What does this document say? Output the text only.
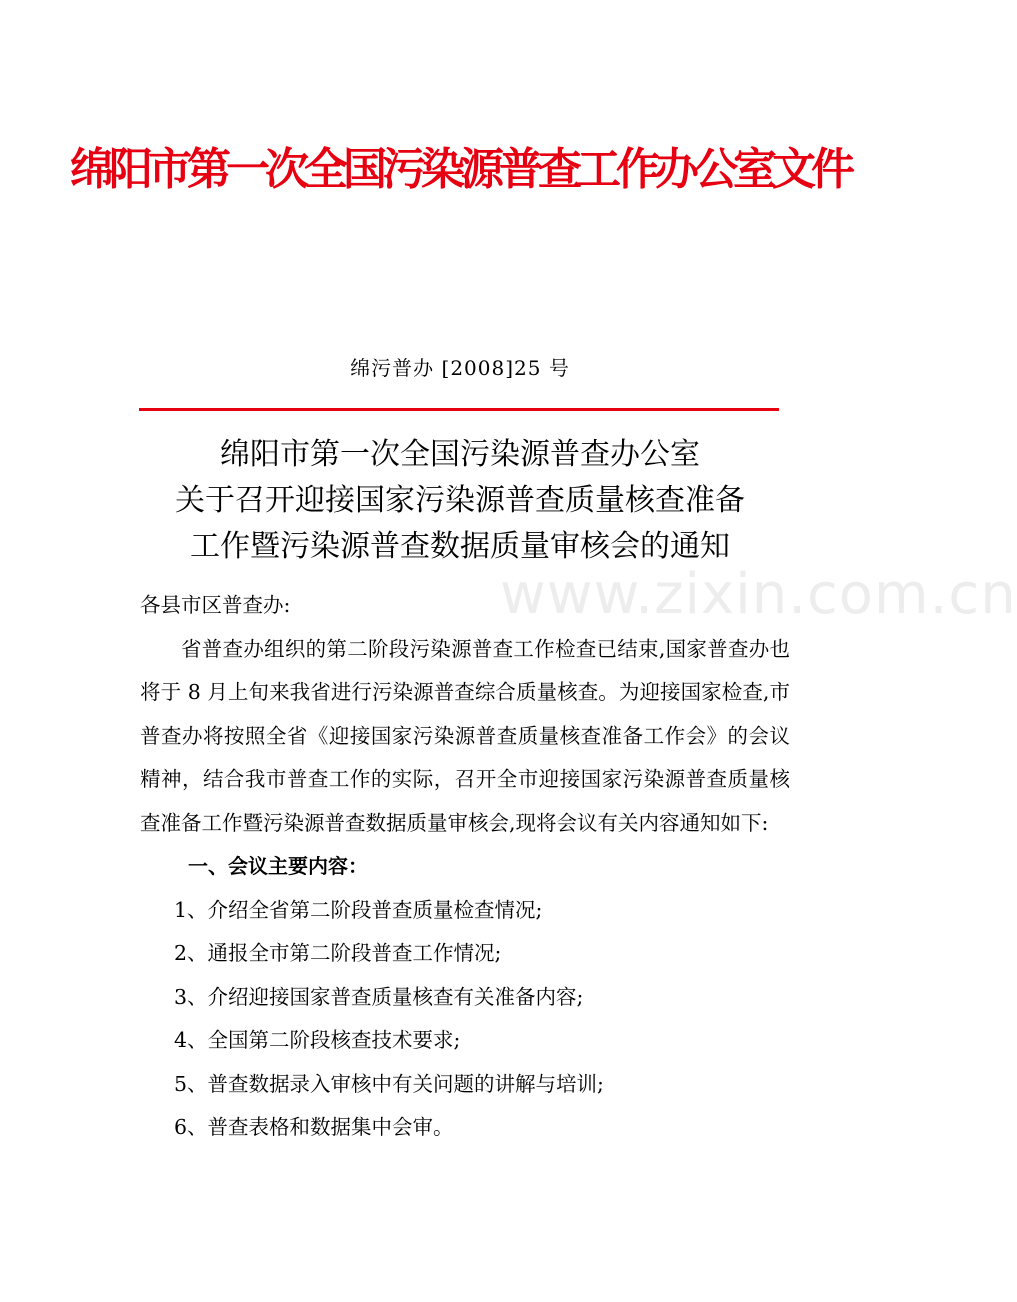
绵阳市第一次全国污染源普查工作办公室文件
绵污普办 [2008]25 号
绵阳市第一次全国污染源普查办公室
关于召开迎接国家污染源普查质量核查准备
工作暨污染源普查数据质量审核会的通知
www.zixin.com.cn

各县市区普查办:

省普查办组织的第二阶段污染源普查工作检查已结束,国家普查办也将于 8 月上旬来我省进行污染源普查综合质量核查。为迎接国家检查,市普查办将按照全省《迎接国家污染源普查质量核查准备工作会》的会议精神，结合我市普查工作的实际，召开全市迎接国家污染源普查质量核查准备工作暨污染源普查数据质量审核会,现将会议有关内容通知如下:

一、会议主要内容：

1、介绍全省第二阶段普查质量检查情况;

2、通报全市第二阶段普查工作情况;

3、介绍迎接国家普查质量核查有关准备内容;

4、全国第二阶段核查技术要求;

5、普查数据录入审核中有关问题的讲解与培训;

6、普查表格和数据集中会审。
